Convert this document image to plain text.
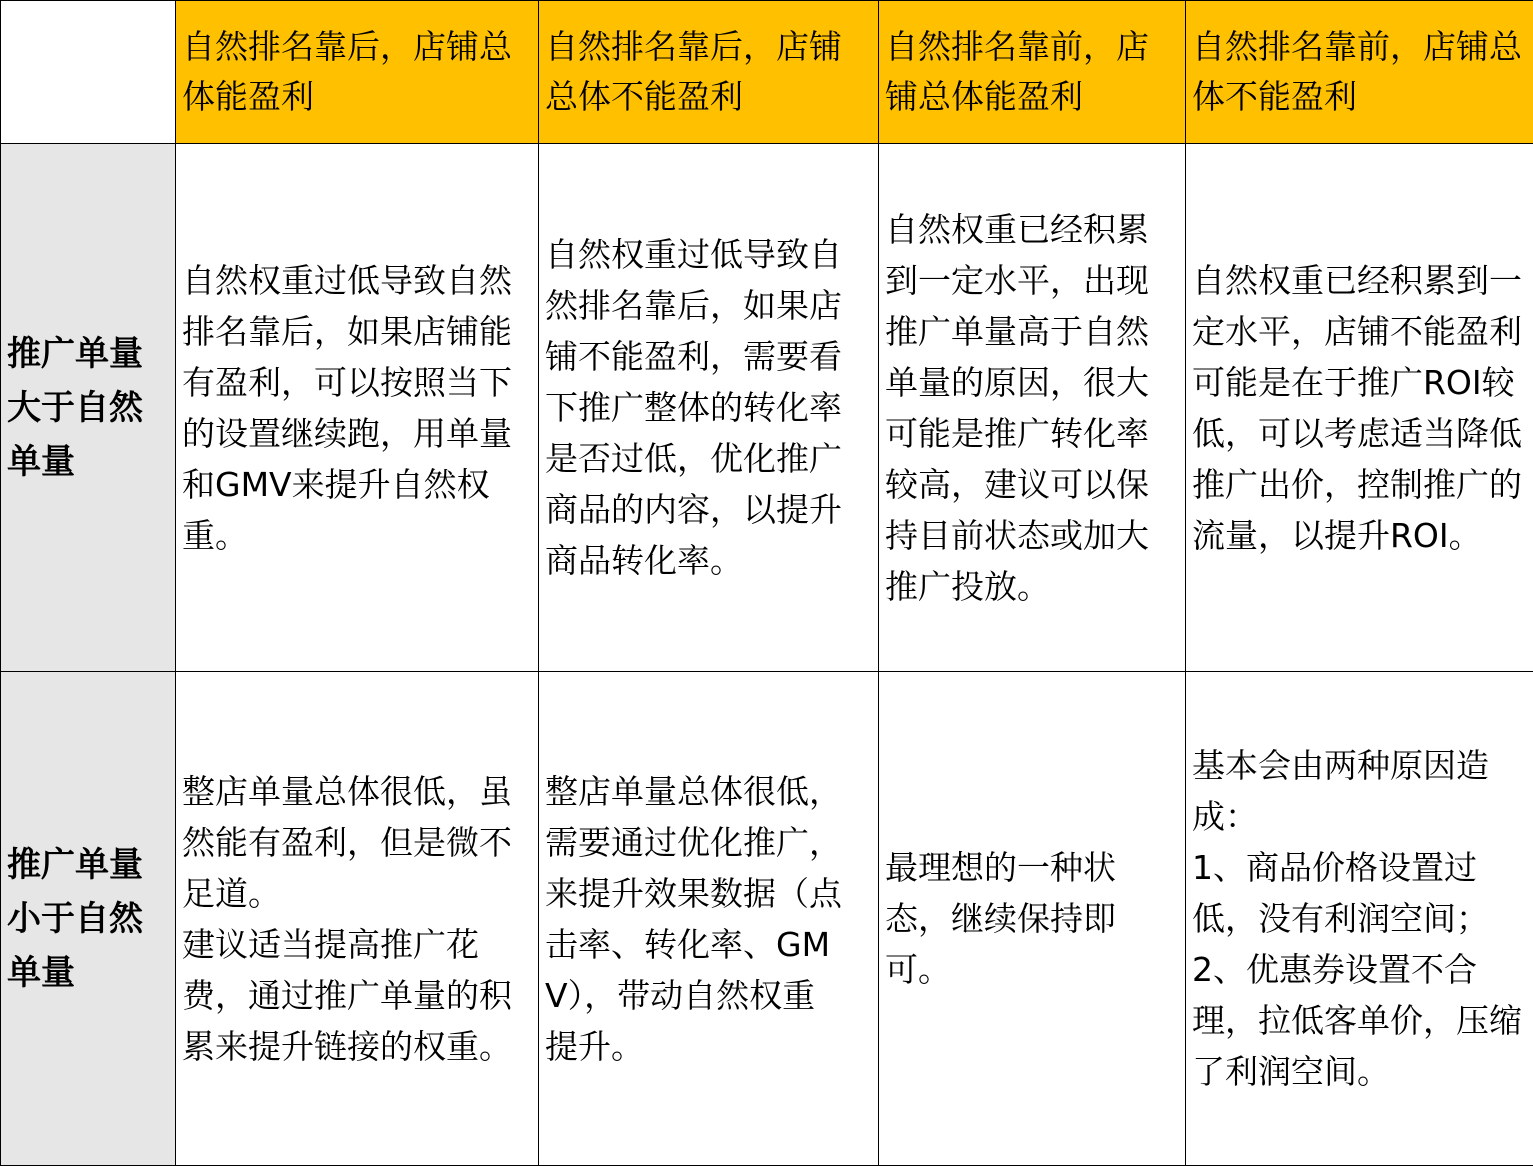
	自然排名靠后，店铺总体能盈利	自然排名靠后，店铺总体不能盈利	自然排名靠前，店铺总体能盈利	自然排名靠前，店铺总体不能盈利

推广单量
大于自然
单量	自然权重过低导致自然排名靠后，如果店铺能有盈利，可以按照当下的设置继续跑，用单量和GMV来提升自然权重。	自然权重过低导致自然排名靠后，如果店铺不能盈利，需要看下推广整体的转化率是否过低，优化推广商品的内容，以提升商品转化率。	自然权重已经积累到一定水平，出现推广单量高于自然单量的原因，很大可能是推广转化率较高，建议可以保持目前状态或加大推广投放。	自然权重已经积累到一定水平，店铺不能盈利可能是在于推广ROI较低，可以考虑适当降低推广出价，控制推广的流量，以提升ROI。

推广单量
小于自然
单量	整店单量总体很低，虽然能有盈利，但是微不足道。
建议适当提高推广花费，通过推广单量的积累来提升链接的权重。	整店单量总体很低，需要通过优化推广，来提升效果数据（点击率、转化率、GMV），带动自然权重提升。	最理想的一种状态，继续保持即可。	基本会由两种原因造成：
1、商品价格设置过低，没有利润空间；
2、优惠券设置不合理，拉低客单价，压缩了利润空间。
